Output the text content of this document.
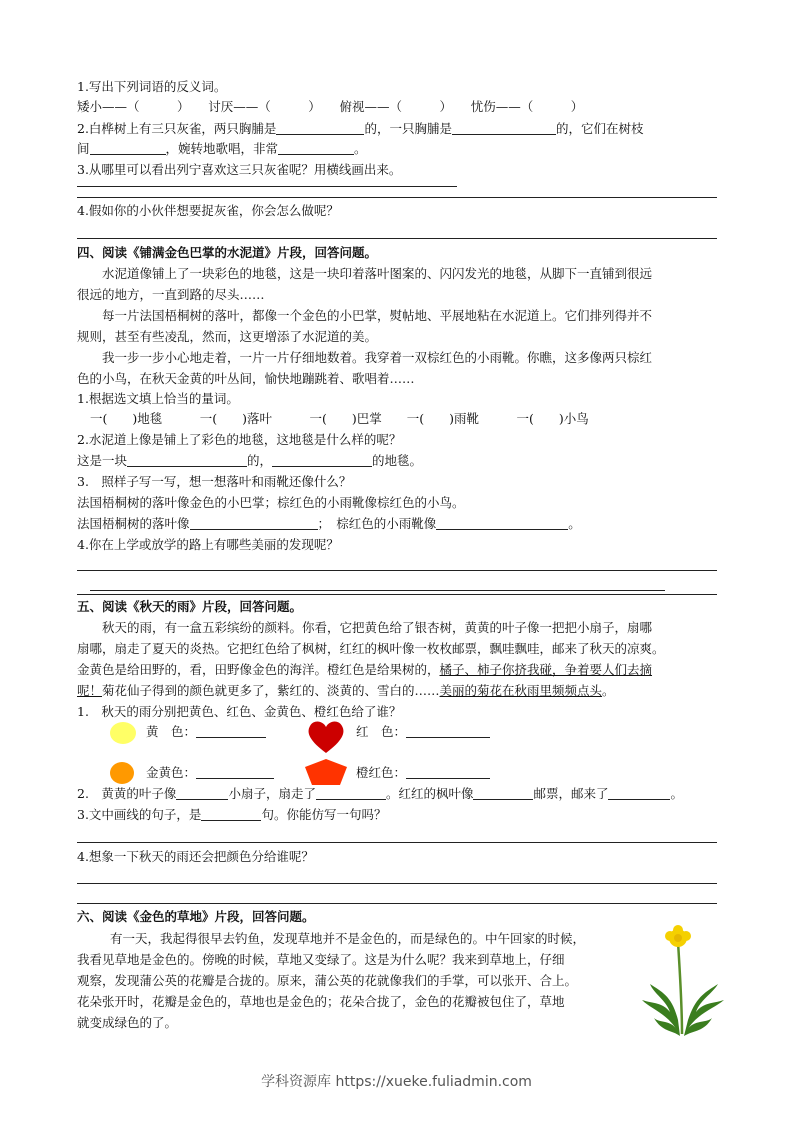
1.写出下列词语的反义词。
矮小——（　　　）　　讨厌——（　　　）　　俯视——（　　　）　　忧伤——（　　　）
2.白桦树上有三只灰雀，两只胸脯是	的，一只胸脯是	的，它们在树枝
间	，婉转地歌唱，非常	。
3.从哪里可以看出列宁喜欢这三只灰雀呢？用横线画出来。
4.假如你的小伙伴想要捉灰雀，你会怎么做呢？
四、阅读《铺满金色巴掌的水泥道》片段，回答问题。
水泥道像铺上了一块彩色的地毯，这是一块印着落叶图案的、闪闪发光的地毯，从脚下一直铺到很远
很远的地方，一直到路的尽头……
每一片法国梧桐树的落叶，都像一个金色的小巴掌，熨帖地、平展地粘在水泥道上。它们排列得并不
规则，甚至有些凌乱，然而，这更增添了水泥道的美。
我一步一步小心地走着，一片一片仔细地数着。我穿着一双棕红色的小雨靴。你瞧，这多像两只棕红
色的小鸟，在秋天金黄的叶丛间，愉快地蹦跳着、歌唱着……
1.根据选文填上恰当的量词。
一(　　)地毯　　　一(　　)落叶　　　一(　　)巴掌　　一(　　)雨靴　　　一(　　)小鸟
2.水泥道上像是铺上了彩色的地毯，这地毯是什么样的呢？
这是一块	的，	的地毯。
3.　照样子写一写，想一想落叶和雨靴还像什么？
法国梧桐树的落叶像金色的小巴掌；棕红色的小雨靴像棕红色的小鸟。
法国梧桐树的落叶像	；　棕红色的小雨靴像	。
4.你在上学或放学的路上有哪些美丽的发现呢？
五、阅读《秋天的雨》片段，回答问题。
秋天的雨，有一盒五彩缤纷的颜料。你看，它把黄色给了银杏树，黄黄的叶子像一把把小扇子，扇哪
扇哪，扇走了夏天的炎热。它把红色给了枫树，红红的枫叶像一枚枚邮票，飘哇飘哇，邮来了秋天的凉爽。
金黄色是给田野的，看，田野像金色的海洋。橙红色是给果树的，橘子、柿子你挤我碰，争着要人们去摘
呢！菊花仙子得到的颜色就更多了，紫红的、淡黄的、雪白的……美丽的菊花在秋雨里频频点头。
1.　秋天的雨分别把黄色、红色、金黄色、橙红色给了谁？
黄　色：	红　色：
金黄色：	橙红色：
2.　黄黄的叶子像	小扇子，扇走了	。红红的枫叶像	邮票，邮来了	。
3.文中画线的句子，是	句。你能仿写一句吗？
4.想象一下秋天的雨还会把颜色分给谁呢？
六、阅读《金色的草地》片段，回答问题。
有一天，我起得很早去钓鱼，发现草地并不是金色的，而是绿色的。中午回家的时候，
我看见草地是金色的。傍晚的时候，草地又变绿了。这是为什么呢？我来到草地上，仔细
观察，发现蒲公英的花瓣是合拢的。原来，蒲公英的花就像我们的手掌，可以张开、合上。
花朵张开时，花瓣是金色的，草地也是金色的；花朵合拢了，金色的花瓣被包住了，草地
就变成绿色的了。
学科资源库 https://xueke.fuliadmin.com
